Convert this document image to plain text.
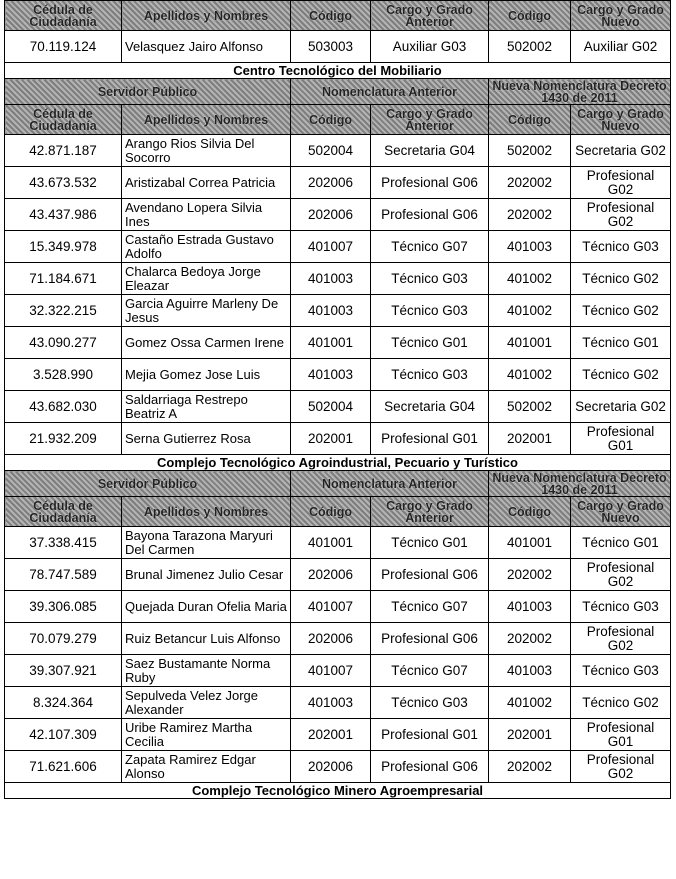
Cédula de Ciudadanía	Apellidos y Nombres	Código	Cargo y Grado Anterior	Código	Cargo y Grado Nuevo
70.119.124	Velasquez Jairo Alfonso	503003	Auxiliar G03	502002	Auxiliar G02
Centro Tecnológico del Mobiliario					
Servidor Público		Nomenclatura Anterior		Nueva Nomenclatura Decreto 1430 de 2011	
Cédula de Ciudadanía	Apellidos y Nombres	Código	Cargo y Grado Anterior	Código	Cargo y Grado Nuevo
42.871.187	Arango Rios Silvia Del Socorro	502004	Secretaria G04	502002	Secretaria G02
43.673.532	Aristizabal Correa Patricia	202006	Profesional G06	202002	Profesional G02
43.437.986	Avendano Lopera Silvia Ines	202006	Profesional G06	202002	Profesional G02
15.349.978	Castaño Estrada Gustavo Adolfo	401007	Técnico G07	401003	Técnico G03
71.184.671	Chalarca Bedoya Jorge Eleazar	401003	Técnico G03	401002	Técnico G02
32.322.215	Garcia Aguirre Marleny De Jesus	401003	Técnico G03	401002	Técnico G02
43.090.277	Gomez Ossa Carmen Irene	401001	Técnico G01	401001	Técnico G01
3.528.990	Mejia Gomez Jose Luis	401003	Técnico G03	401002	Técnico G02
43.682.030	Saldarriaga Restrepo Beatriz A	502004	Secretaria G04	502002	Secretaria G02
21.932.209	Serna Gutierrez Rosa	202001	Profesional G01	202001	Profesional G01
Complejo Tecnológico Agroindustrial, Pecuario y Turístico					
Servidor Público		Nomenclatura Anterior		Nueva Nomenclatura Decreto 1430 de 2011	
Cédula de Ciudadanía	Apellidos y Nombres	Código	Cargo y Grado Anterior	Código	Cargo y Grado Nuevo
37.338.415	Bayona Tarazona Maryuri Del Carmen	401001	Técnico G01	401001	Técnico G01
78.747.589	Brunal Jimenez Julio Cesar	202006	Profesional G06	202002	Profesional G02
39.306.085	Quejada Duran Ofelia Maria	401007	Técnico G07	401003	Técnico G03
70.079.279	Ruiz Betancur Luis Alfonso	202006	Profesional G06	202002	Profesional G02
39.307.921	Saez Bustamante Norma Ruby	401007	Técnico G07	401003	Técnico G03
8.324.364	Sepulveda Velez Jorge Alexander	401003	Técnico G03	401002	Técnico G02
42.107.309	Uribe Ramirez Martha Cecilia	202001	Profesional G01	202001	Profesional G01
71.621.606	Zapata Ramirez Edgar Alonso	202006	Profesional G06	202002	Profesional G02
Complejo Tecnológico Minero Agroempresarial					
